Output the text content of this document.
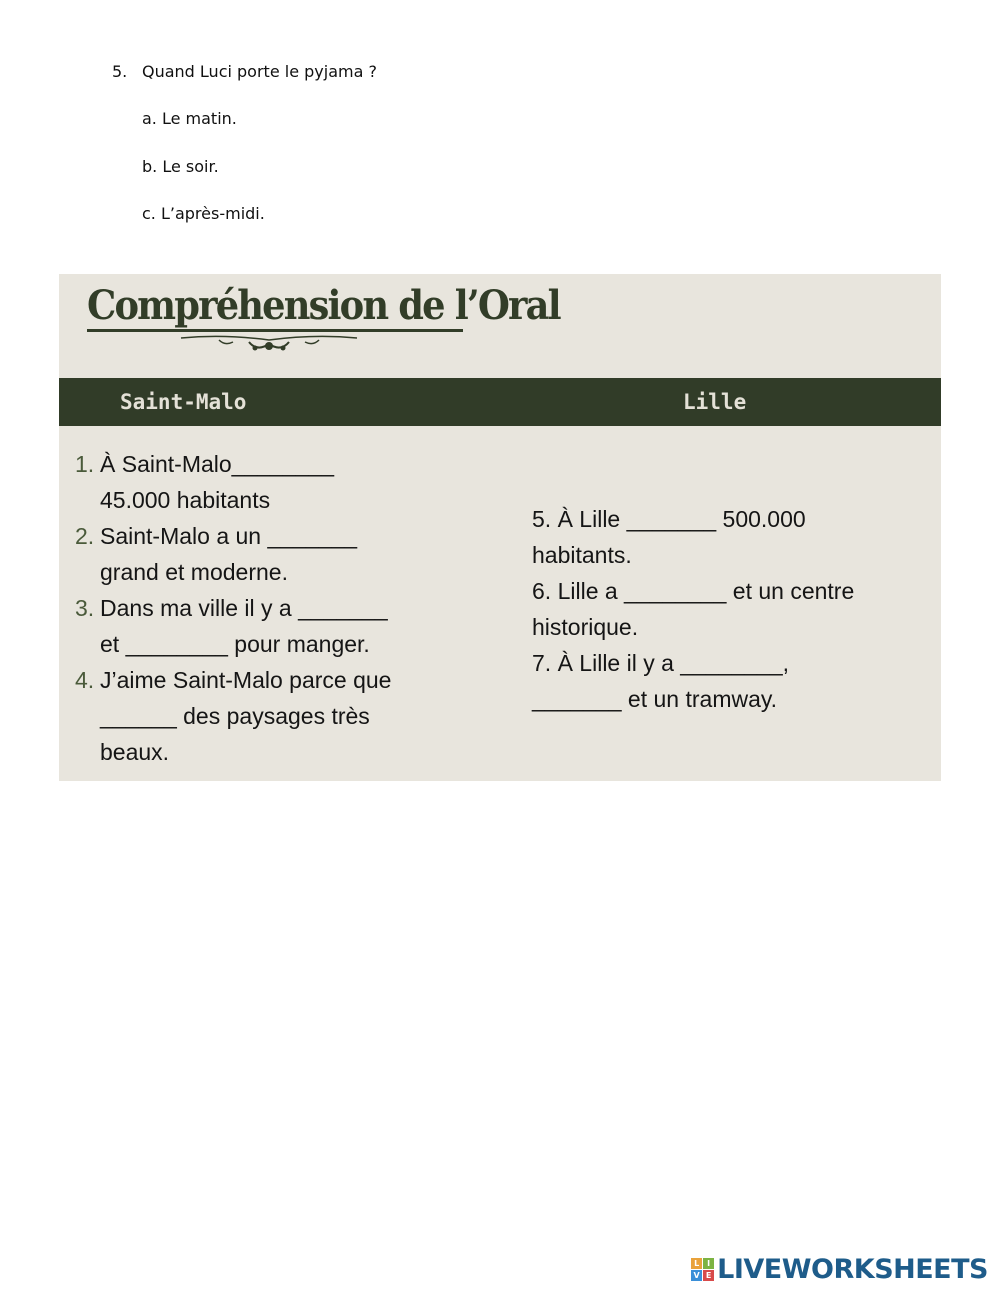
5. Quand Luci porte le pyjama ?
a. Le matin.
b. Le soir.
c. L’après-midi.
Compréhension de l’Oral
Saint-Malo	Lille
1. À Saint-Malo________
45.000 habitants
2. Saint-Malo a un _______
grand et moderne.
3. Dans ma ville il y a _______
et ________ pour manger.
4. J’aime Saint-Malo parce que
______ des paysages très
beaux.
5. À Lille _______ 500.000
habitants.
6. Lille a ________ et un centre
historique.
7. À Lille il y a ________,
_______ et un tramway.
L I
V E LIVEWORKSHEETS
